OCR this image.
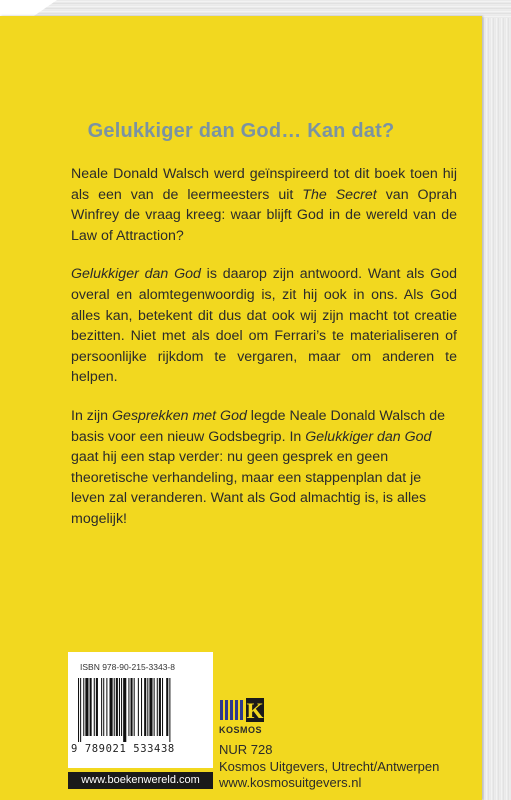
Gelukkiger dan God… Kan dat?

Neale Donald Walsch werd geïnspireerd tot dit boek toen hij als een van de leermeesters uit The Secret van Oprah Winfrey de vraag kreeg: waar blijft God in de wereld van de Law of Attraction?

Gelukkiger dan God is daarop zijn antwoord. Want als God overal en alomtegenwoordig is, zit hij ook in ons. Als God alles kan, betekent dit dus dat ook wij zijn macht tot creatie bezitten. Niet met als doel om Ferrari’s te materialiseren of persoonlijke rijkdom te vergaren, maar om anderen te helpen.

In zijn Gesprekken met God legde Neale Donald Walsch de basis voor een nieuw Godsbegrip. In Gelukkiger dan God gaat hij een stap verder: nu geen gesprek en geen theoretische verhandeling, maar een stappenplan dat je leven zal veranderen. Want als God almachtig is, is alles mogelijk!

ISBN 978-90-215-3343-8

9 789021 533438

www.boekenwereld.com
K

KOSMOS

NUR 728
Kosmos Uitgevers, Utrecht/Antwerpen
www.kosmosuitgevers.nl
